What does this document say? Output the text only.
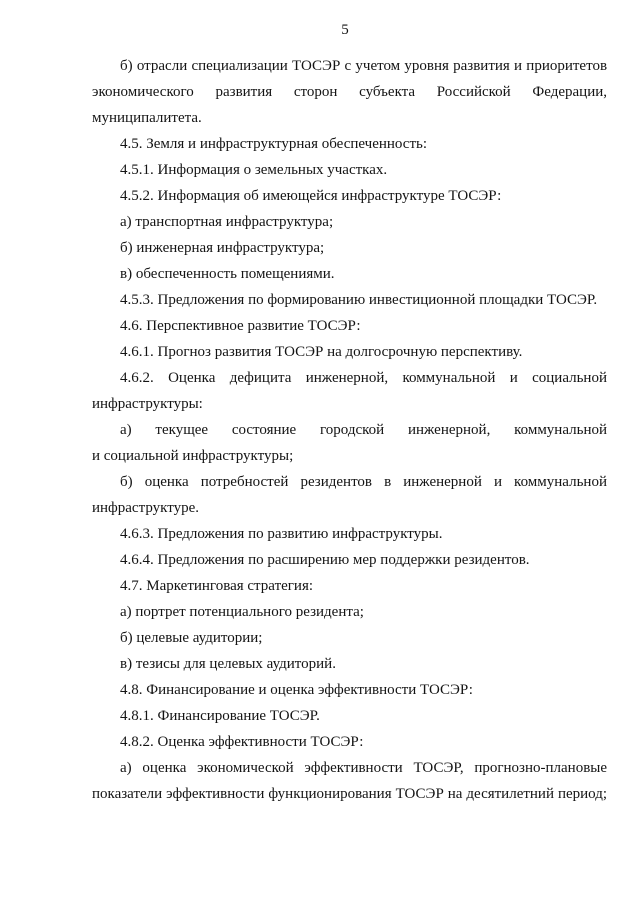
5
б) отрасли специализации ТОСЭР с учетом уровня развития и приоритетов
экономического развития сторон субъекта Российской Федерации,
муниципалитета.
4.5. Земля и инфраструктурная обеспеченность:
4.5.1. Информация о земельных участках.
4.5.2. Информация об имеющейся инфраструктуре ТОСЭР:
а) транспортная инфраструктура;
б) инженерная инфраструктура;
в) обеспеченность помещениями.
4.5.3. Предложения по формированию инвестиционной площадки ТОСЭР.
4.6. Перспективное развитие ТОСЭР:
4.6.1. Прогноз развития ТОСЭР на долгосрочную перспективу.
4.6.2. Оценка дефицита инженерной, коммунальной и социальной
инфраструктуры:
а) текущее состояние городской инженерной, коммунальной
и социальной инфраструктуры;
б) оценка потребностей резидентов в инженерной и коммунальной
инфраструктуре.
4.6.3. Предложения по развитию инфраструктуры.
4.6.4. Предложения по расширению мер поддержки резидентов.
4.7. Маркетинговая стратегия:
а) портрет потенциального резидента;
б) целевые аудитории;
в) тезисы для целевых аудиторий.
4.8. Финансирование и оценка эффективности ТОСЭР:
4.8.1. Финансирование ТОСЭР.
4.8.2. Оценка эффективности ТОСЭР:
а) оценка экономической эффективности ТОСЭР, прогнозно-плановые
показатели эффективности функционирования ТОСЭР на десятилетний период;
